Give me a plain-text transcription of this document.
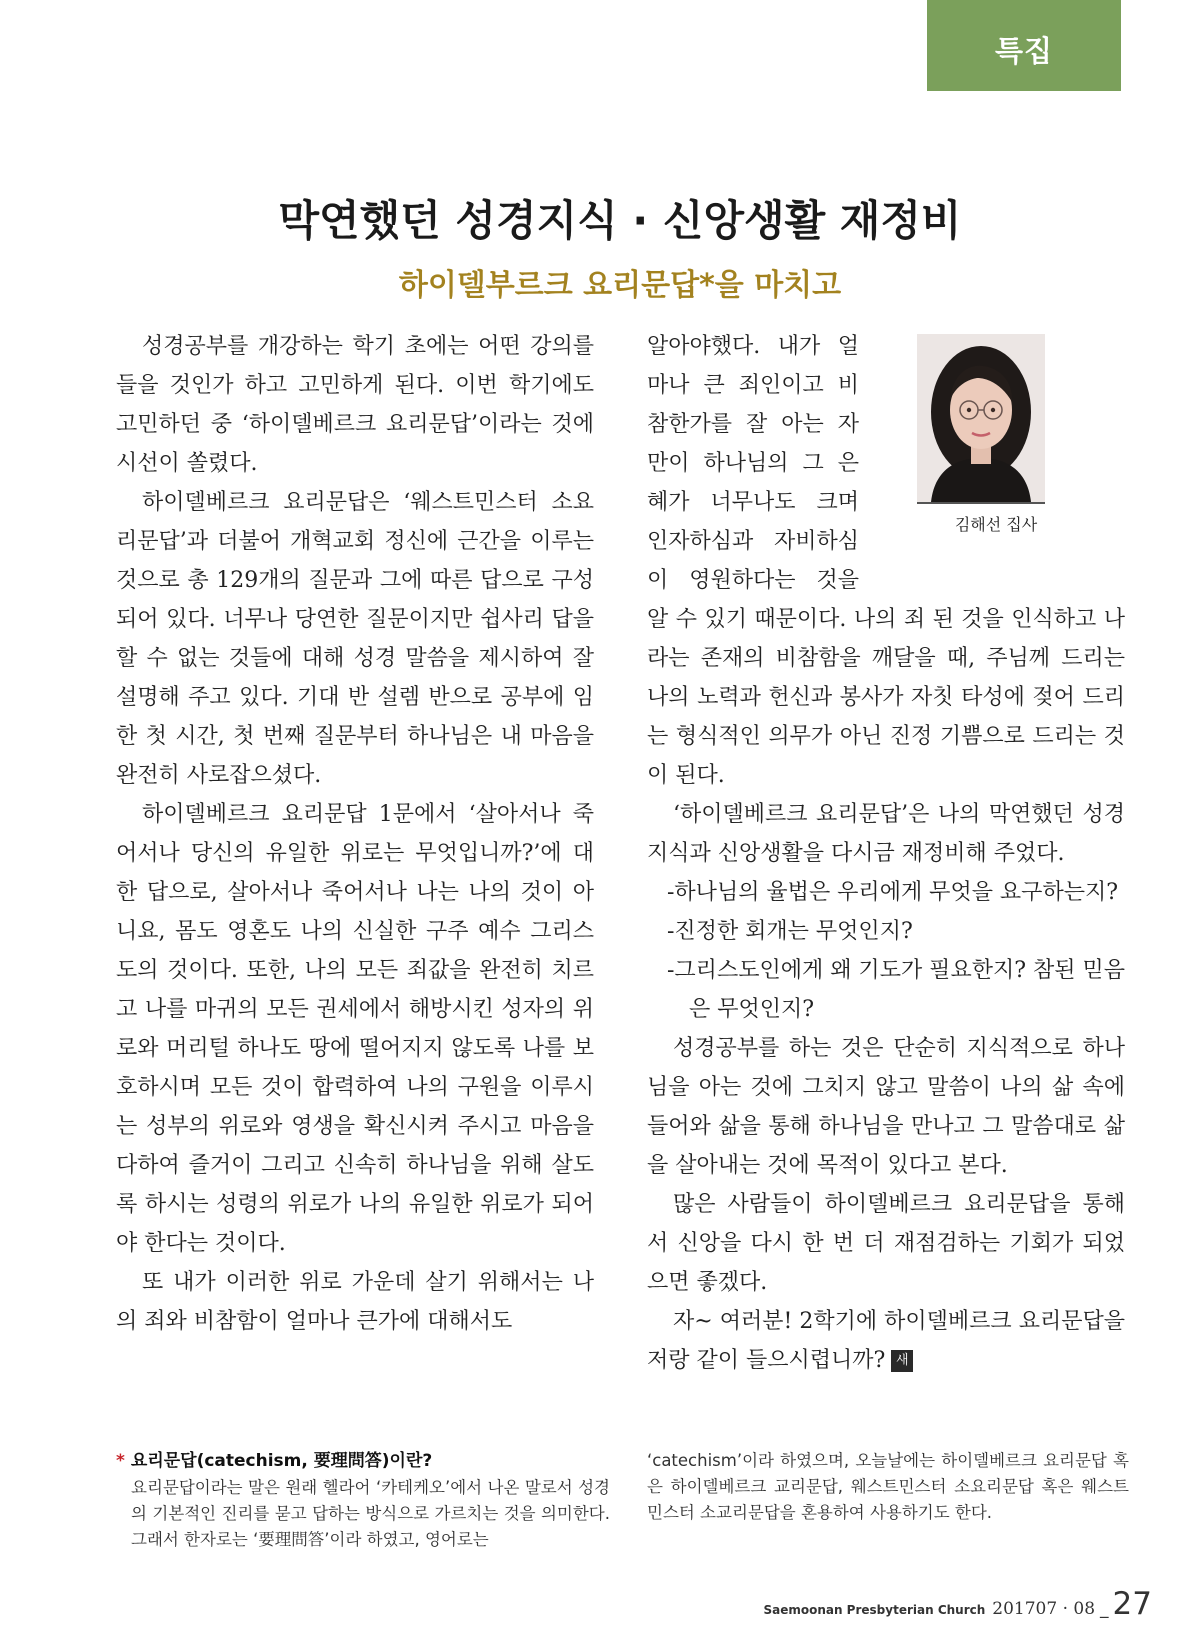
특집
막연했던 성경지식 · 신앙생활 재정비
하이델부르크 요리문답*을 마치고

성경공부를 개강하는 학기 초에는 어떤 강의를 들을 것인가 하고 고민하게 된다. 이번 학기에도 고민하던 중 ‘하이델베르크 요리문답’이라는 것에 시선이 쏠렸다.

하이델베르크 요리문답은 ‘웨스트민스터 소요리문답’과 더불어 개혁교회 정신에 근간을 이루는 것으로 총 129개의 질문과 그에 따른 답으로 구성되어 있다. 너무나 당연한 질문이지만 쉽사리 답을 할 수 없는 것들에 대해 성경 말씀을 제시하여 잘 설명해 주고 있다. 기대 반 설렘 반으로 공부에 임한 첫 시간, 첫 번째 질문부터 하나님은 내 마음을 완전히 사로잡으셨다.

하이델베르크 요리문답 1문에서 ‘살아서나 죽어서나 당신의 유일한 위로는 무엇입니까?’에 대한 답으로, 살아서나 죽어서나 나는 나의 것이 아니요, 몸도 영혼도 나의 신실한 구주 예수 그리스도의 것이다. 또한, 나의 모든 죄값을 완전히 치르고 나를 마귀의 모든 권세에서 해방시킨 성자의 위로와 머리털 하나도 땅에 떨어지지 않도록 나를 보호하시며 모든 것이 합력하여 나의 구원을 이루시는 성부의 위로와 영생을 확신시켜 주시고 마음을 다하여 즐거이 그리고 신속히 하나님을 위해 살도록 하시는 성령의 위로가 나의 유일한 위로가 되어야 한다는 것이다.

또 내가 이러한 위로 가운데 살기 위해서는 나의 죄와 비참함이 얼마나 큰가에 대해서도

김해선 집사

알아야했다. 내가 얼마나 큰 죄인이고 비참한가를 잘 아는 자만이 하나님의 그 은혜가 너무나도 크며 인자하심과 자비하심이 영원하다는 것을 알 수 있기 때문이다. 나의 죄 된 것을 인식하고 나라는 존재의 비참함을 깨달을 때, 주님께 드리는 나의 노력과 헌신과 봉사가 자칫 타성에 젖어 드리는 형식적인 의무가 아닌 진정 기쁨으로 드리는 것이 된다.

‘하이델베르크 요리문답’은 나의 막연했던 성경지식과 신앙생활을 다시금 재정비해 주었다.

-하나님의 율법은 우리에게 무엇을 요구하는지?
-진정한 회개는 무엇인지?
-그리스도인에게 왜 기도가 필요한지? 참된 믿음은 무엇인지?

성경공부를 하는 것은 단순히 지식적으로 하나님을 아는 것에 그치지 않고 말씀이 나의 삶 속에 들어와 삶을 통해 하나님을 만나고 그 말씀대로 삶을 살아내는 것에 목적이 있다고 본다.

많은 사람들이 하이델베르크 요리문답을 통해서 신앙을 다시 한 번 더 재점검하는 기회가 되었으면 좋겠다.

자~ 여러분! 2학기에 하이델베르크 요리문답을 저랑 같이 들으시렵니까? 새

* 요리문답(catechism, 要理問答)이란?

요리문답이라는 말은 원래 헬라어 ‘카테케오’에서 나온 말로서 성경의 기본적인 진리를 묻고 답하는 방식으로 가르치는 것을 의미한다. 그래서 한자로는 ‘要理問答’이라 하였고, 영어로는

‘catechism’이라 하였으며, 오늘날에는 하이델베르크 요리문답 혹은 하이델베르크 교리문답, 웨스트민스터 소요리문답 혹은 웨스트민스터 소교리문답을 혼용하여 사용하기도 한다.

Saemoonan Presbyterian Church 201707 · 08 _ 27
